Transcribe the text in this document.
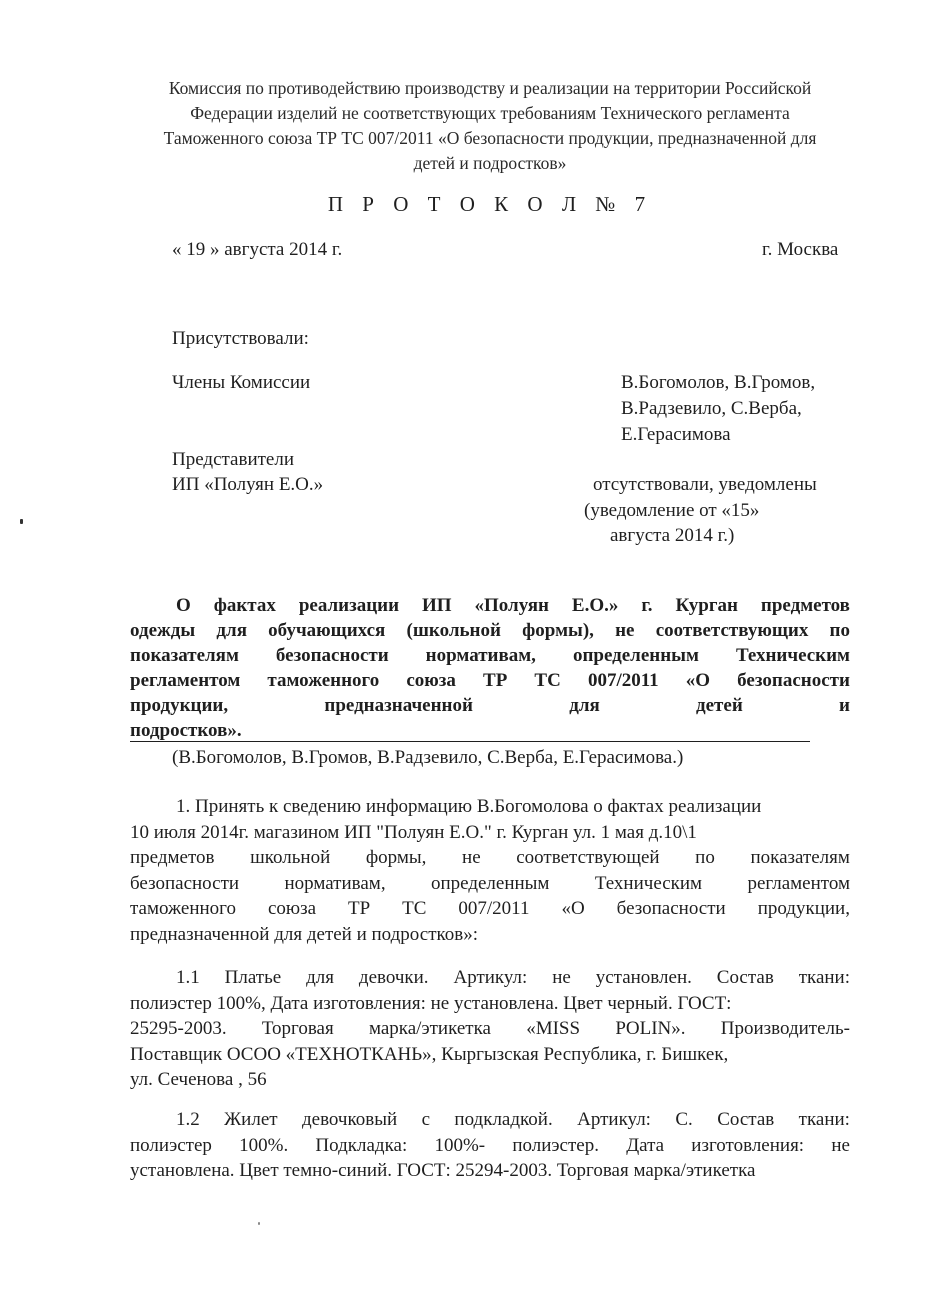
Комиссия по противодействию производству и реализации на территории Российской
Федерации изделий не соответствующих требованиям Технического регламента
Таможенного союза ТР ТС 007/2011 «О безопасности продукции, предназначенной для
детей и подростков»
П Р О Т О К О Л № 7
« 19 » августа 2014 г.	г. Москва
Присутствовали:
Члены Комиссии	В.Богомолов, В.Громов,
В.Радзевило, С.Верба,
Е.Герасимова
Представители
ИП «Полуян Е.О.»	отсутствовали, уведомлены
(уведомление от «15»
августа 2014 г.)
О фактах реализации ИП «Полуян Е.О.» г. Курган предметов
одежды для обучающихся (школьной формы), не соответствующих по
показателям безопасности нормативам, определенным Техническим
регламентом таможенного союза ТР ТС 007/2011 «О безопасности
продукции,	предназначенной	для	детей	и
подростков».
(В.Богомолов, В.Громов, В.Радзевило, С.Верба, Е.Герасимова.)
1. Принять к сведению информацию В.Богомолова о фактах реализации
10 июля 2014г. магазином ИП "Полуян Е.О." г. Курган ул. 1 мая д.10\1
предметов школьной формы, не соответствующей по показателям
безопасности нормативам, определенным Техническим регламентом
таможенного союза ТР ТС 007/2011 «О безопасности продукции,
предназначенной для детей и подростков»:
1.1 Платье для девочки. Артикул: не установлен. Состав ткани:
полиэстер 100%, Дата изготовления: не установлена. Цвет черный. ГОСТ:
25295-2003. Торговая марка/этикетка «MISS POLIN». Производитель-
Поставщик ОСОО «ТЕХНОТКАНЬ», Кыргызская Республика, г. Бишкек,
ул. Сеченова , 56
1.2 Жилет девочковый с подкладкой. Артикул: С. Состав ткани:
полиэстер 100%. Подкладка: 100%- полиэстер. Дата изготовления: не
установлена. Цвет темно-синий. ГОСТ: 25294-2003. Торговая марка/этикетка
